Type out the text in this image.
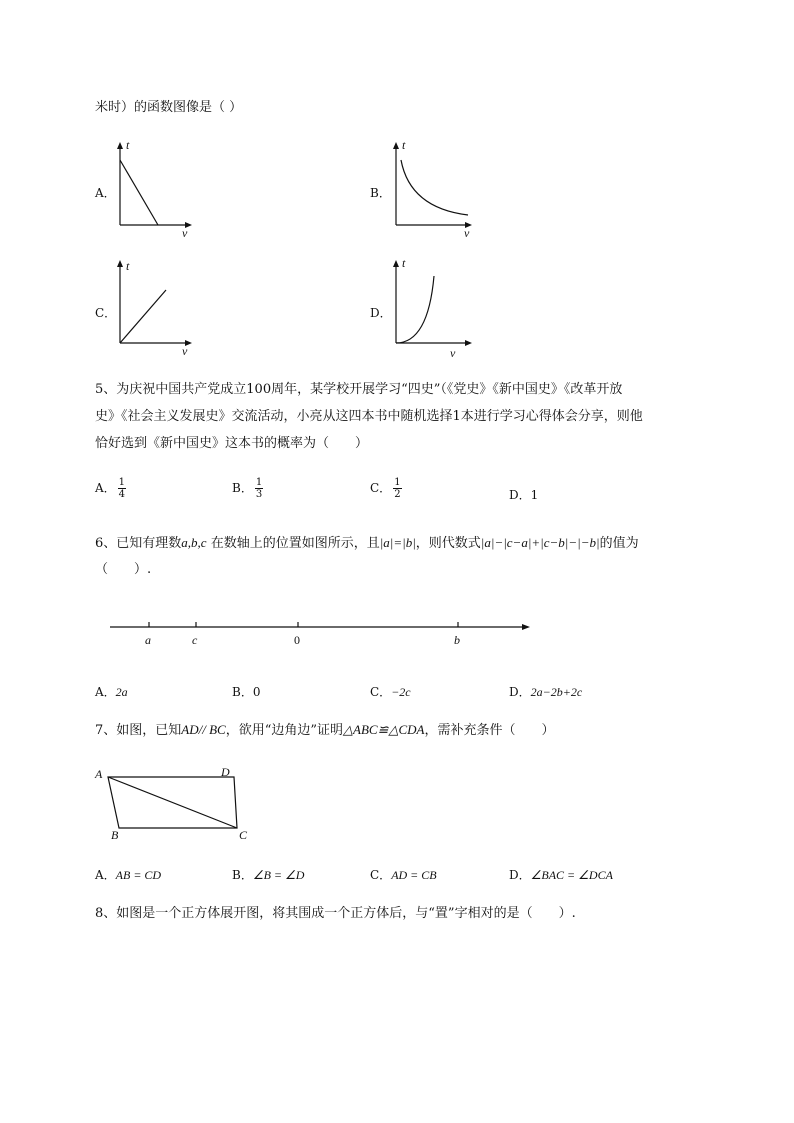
米时）的函数图像是（ ）
A．
t
v
B．
t
v
C．
t
v
D．
t
v
5、为庆祝中国共产党成立100周年，某学校开展学习“四史”（《党史》《新中国史》《改革开放
史》《社会主义发展史》交流活动，小亮从这四本书中随机选择1本进行学习心得体会分享，则他
恰好选到《新中国史》这本书的概率为（　　）
A． $\frac{1}{4}$	B． $\frac{1}{3}$	C． $\frac{1}{2}$	D．1
6、已知有理数a,b,c 在数轴上的位置如图所示，且|a|=|b|，则代数式|a|−|c−a|+|c−b|−|−b|的值为
（　　）.
a	c	0	b
A．2a	B．0	C．−2c	D．2a−2b+2c
7、如图，已知AD// BC，欲用“边角边”证明△ABC≌△CDA，需补充条件（　　）
A	D
B	C
A．AB = CD	B．∠B = ∠D	C．AD = CB	D．∠BAC = ∠DCA
8、如图是一个正方体展开图，将其围成一个正方体后，与“置”字相对的是（　　）.
